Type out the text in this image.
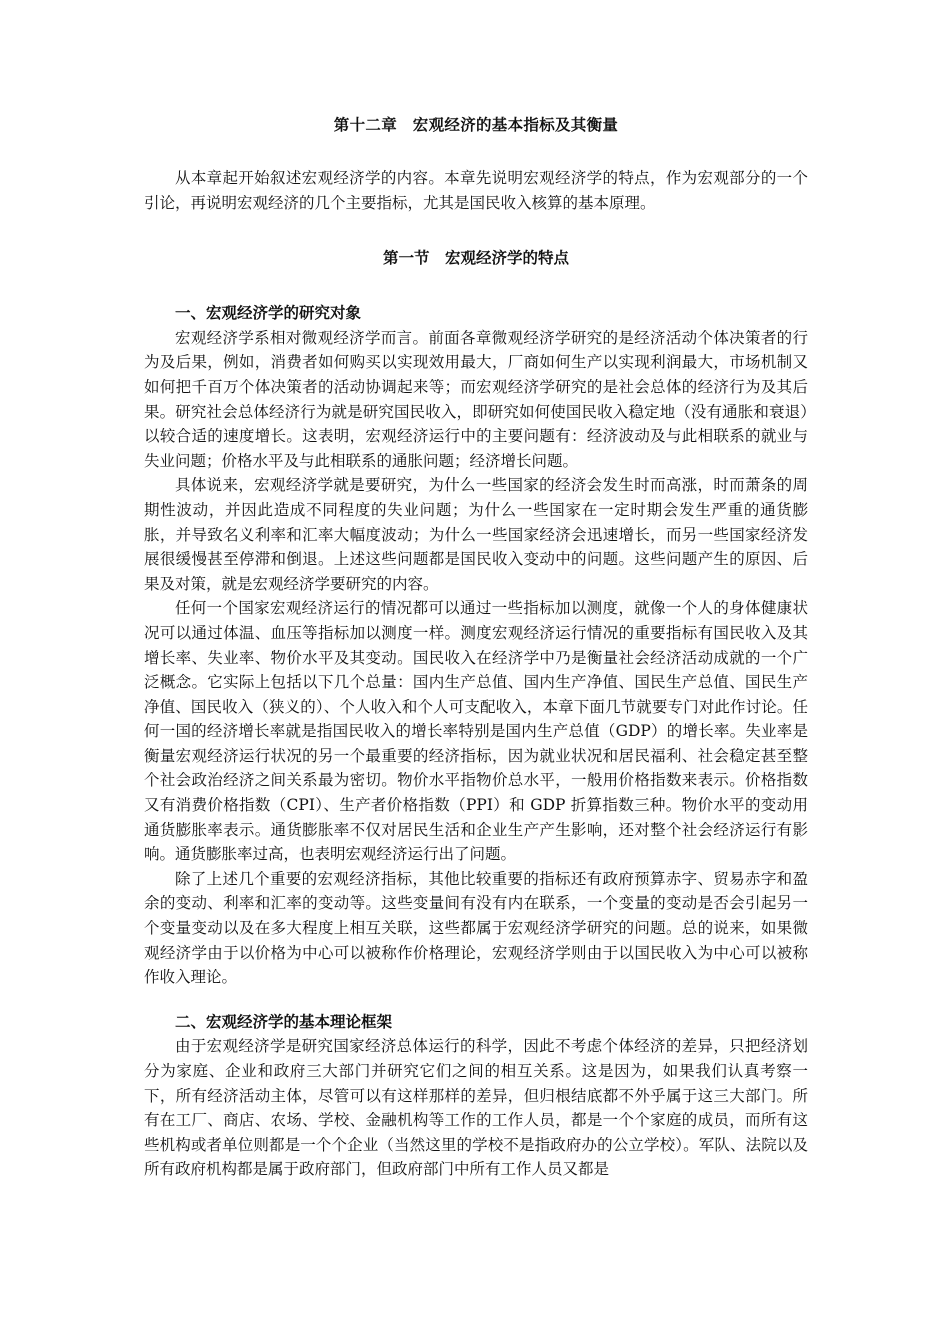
第十二章　宏观经济的基本指标及其衡量

从本章起开始叙述宏观经济学的内容。本章先说明宏观经济学的特点，作为宏观部分的一个引论，再说明宏观经济的几个主要指标，尤其是国民收入核算的基本原理。

第一节　宏观经济学的特点

一、宏观经济学的研究对象

宏观经济学系相对微观经济学而言。前面各章微观经济学研究的是经济活动个体决策者的行为及后果，例如，消费者如何购买以实现效用最大，厂商如何生产以实现利润最大，市场机制又如何把千百万个体决策者的活动协调起来等；而宏观经济学研究的是社会总体的经济行为及其后果。研究社会总体经济行为就是研究国民收入，即研究如何使国民收入稳定地（没有通胀和衰退）以较合适的速度增长。这表明，宏观经济运行中的主要问题有：经济波动及与此相联系的就业与失业问题；价格水平及与此相联系的通胀问题；经济增长问题。

具体说来，宏观经济学就是要研究，为什么一些国家的经济会发生时而高涨，时而萧条的周期性波动，并因此造成不同程度的失业问题；为什么一些国家在一定时期会发生严重的通货膨胀，并导致名义利率和汇率大幅度波动；为什么一些国家经济会迅速增长，而另一些国家经济发展很缓慢甚至停滞和倒退。上述这些问题都是国民收入变动中的问题。这些问题产生的原因、后果及对策，就是宏观经济学要研究的内容。

任何一个国家宏观经济运行的情况都可以通过一些指标加以测度，就像一个人的身体健康状况可以通过体温、血压等指标加以测度一样。测度宏观经济运行情况的重要指标有国民收入及其增长率、失业率、物价水平及其变动。国民收入在经济学中乃是衡量社会经济活动成就的一个广泛概念。它实际上包括以下几个总量：国内生产总值、国内生产净值、国民生产总值、国民生产净值、国民收入（狭义的）、个人收入和个人可支配收入，本章下面几节就要专门对此作讨论。任何一国的经济增长率就是指国民收入的增长率特别是国内生产总值（GDP）的增长率。失业率是衡量宏观经济运行状况的另一个最重要的经济指标，因为就业状况和居民福利、社会稳定甚至整个社会政治经济之间关系最为密切。物价水平指物价总水平，一般用价格指数来表示。价格指数又有消费价格指数（CPI）、生产者价格指数（PPI）和 GDP 折算指数三种。物价水平的变动用通货膨胀率表示。通货膨胀率不仅对居民生活和企业生产产生影响，还对整个社会经济运行有影响。通货膨胀率过高，也表明宏观经济运行出了问题。

除了上述几个重要的宏观经济指标，其他比较重要的指标还有政府预算赤字、贸易赤字和盈余的变动、利率和汇率的变动等。这些变量间有没有内在联系，一个变量的变动是否会引起另一个变量变动以及在多大程度上相互关联，这些都属于宏观经济学研究的问题。总的说来，如果微观经济学由于以价格为中心可以被称作价格理论，宏观经济学则由于以国民收入为中心可以被称作收入理论。

二、宏观经济学的基本理论框架

由于宏观经济学是研究国家经济总体运行的科学，因此不考虑个体经济的差异，只把经济划分为家庭、企业和政府三大部门并研究它们之间的相互关系。这是因为，如果我们认真考察一下，所有经济活动主体，尽管可以有这样那样的差异，但归根结底都不外乎属于这三大部门。所有在工厂、商店、农场、学校、金融机构等工作的工作人员，都是一个个家庭的成员，而所有这些机构或者单位则都是一个个企业（当然这里的学校不是指政府办的公立学校）。军队、法院以及所有政府机构都是属于政府部门，但政府部门中所有工作人员又都是
